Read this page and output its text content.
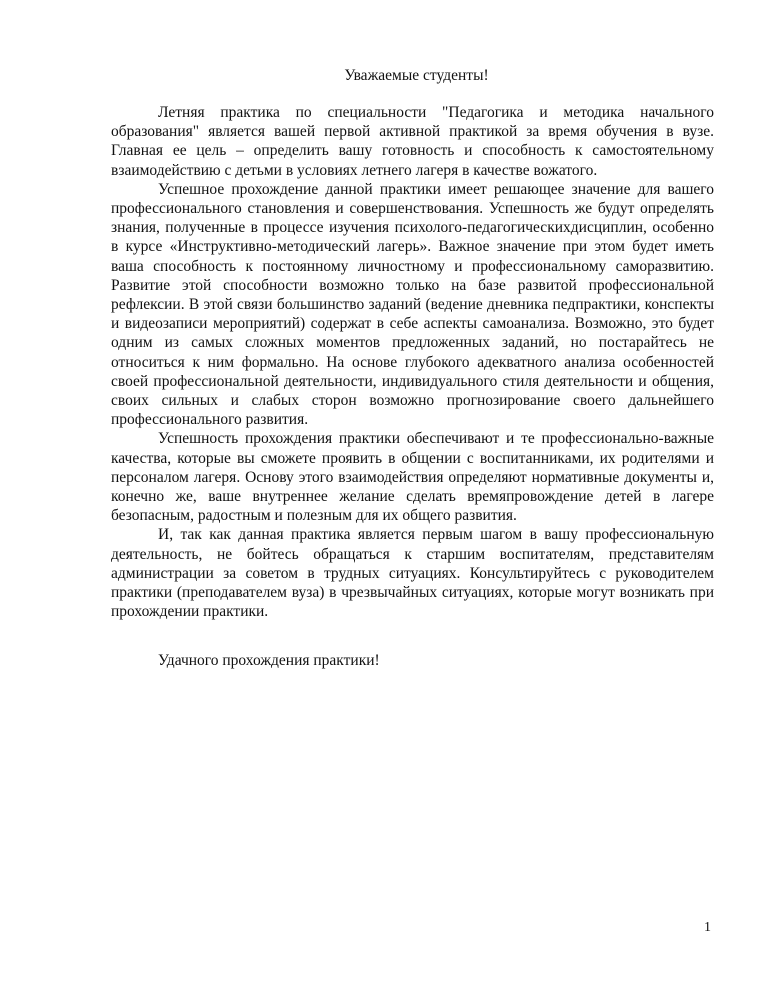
Уважаемые студенты!

Летняя практика по специальности "Педагогика и методика начального образования" является вашей первой активной практикой за время обучения в вузе. Главная ее цель – определить вашу готовность и способность к самостоятельному взаимодействию с детьми в условиях летнего лагеря в качестве вожатого.

Успешное прохождение данной практики имеет решающее значение для вашего профессионального становления и совершенствования. Успешность же будут определять знания, полученные в процессе изучения психолого-педагогическихдисциплин, особенно в курсе «Инструктивно-методический лагерь». Важное значение при этом будет иметь ваша способность к постоянному личностному и профессиональному саморазвитию. Развитие этой способности возможно только на базе развитой профессиональной рефлексии. В этой связи большинство заданий (ведение дневника педпрактики, конспекты и видеозаписи мероприятий) содержат в себе аспекты самоанализа. Возможно, это будет одним из самых сложных моментов предложенных заданий, но постарайтесь не относиться к ним формально. На основе глубокого адекватного анализа особенностей своей профессиональной деятельности, индивидуального стиля деятельности и общения, своих сильных и слабых сторон возможно прогнозирование своего дальнейшего профессионального развития.

Успешность прохождения практики обеспечивают и те профессионально-важные качества, которые вы сможете проявить в общении с воспитанниками, их родителями и персоналом лагеря. Основу этого взаимодействия определяют нормативные документы и, конечно же, ваше внутреннее желание сделать времяпровождение детей в лагере безопасным, радостным и полезным для их общего развития.

И, так как данная практика является первым шагом в вашу профессиональную деятельность, не бойтесь обращаться к старшим воспитателям, представителям администрации за советом в трудных ситуациях. Консультируйтесь с руководителем практики (преподавателем вуза) в чрезвычайных ситуациях, которые могут возникать при прохождении практики.

Удачного прохождения практики!
1
